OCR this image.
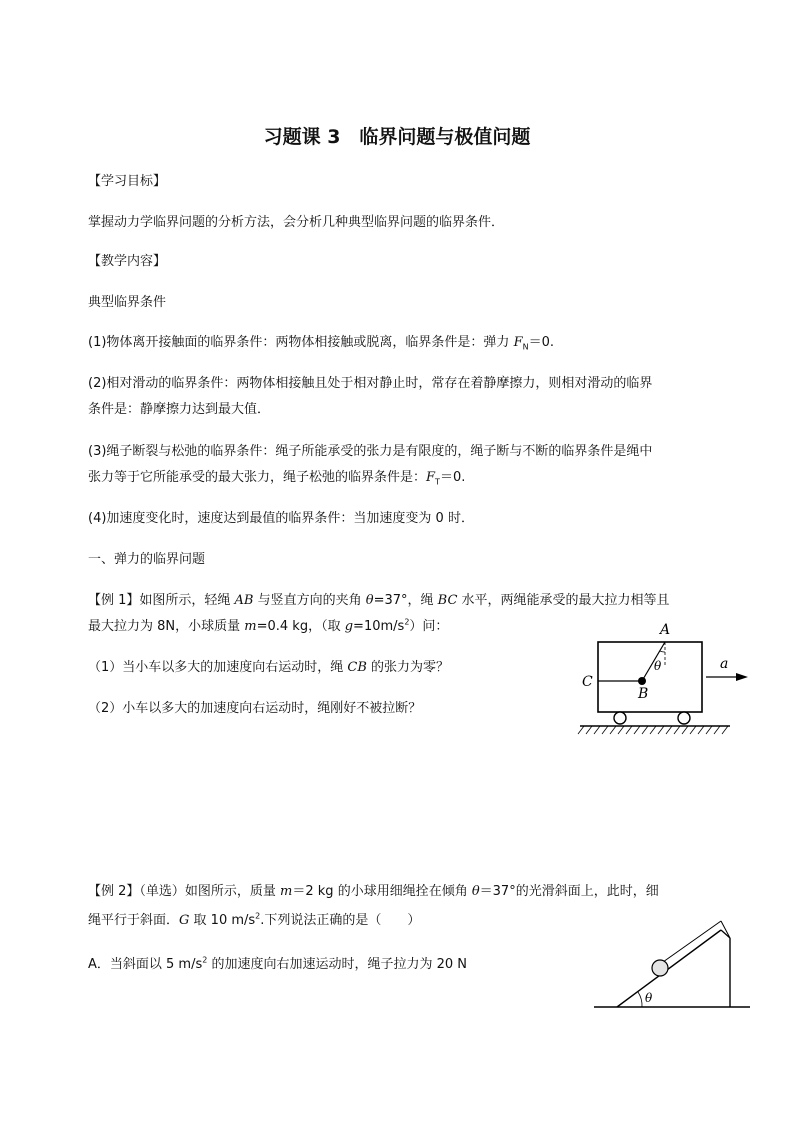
习题课 3　临界问题与极值问题
【学习目标】
掌握动力学临界问题的分析方法，会分析几种典型临界问题的临界条件．
【教学内容】
典型临界条件
(1)物体离开接触面的临界条件：两物体相接触或脱离，临界条件是：弹力 $F_N=0$.
(2)相对滑动的临界条件：两物体相接触且处于相对静止时，常存在着静摩擦力，则相对滑动的临界
条件是：静摩擦力达到最大值．
(3)绳子断裂与松弛的临界条件：绳子所能承受的张力是有限度的，绳子断与不断的临界条件是绳中
张力等于它所能承受的最大张力，绳子松弛的临界条件是：$F_T=0$.
(4)加速度变化时，速度达到最值的临界条件：当加速度变为 0 时．
一、弹力的临界问题
【例 1】如图所示，轻绳 AB 与竖直方向的夹角 θ=37°，绳 BC 水平，两绳能承受的最大拉力相等且
最大拉力为 8N，小球质量 m=0.4 kg，（取 $g=10m/s^2$）问：
（1）当小车以多大的加速度向右运动时，绳 CB 的张力为零？
（2）小车以多大的加速度向右运动时，绳刚好不被拉断？
A
B
C
θ	a
【例 2】（单选）如图所示，质量 m＝2 kg 的小球用细绳拴在倾角 θ＝37°的光滑斜面上，此时，细
绳平行于斜面．G 取 10 $m/s^2$.下列说法正确的是（　　）
A．当斜面以 5 $m/s^2$ 的加速度向右加速运动时，绳子拉力为 20 N
θ
